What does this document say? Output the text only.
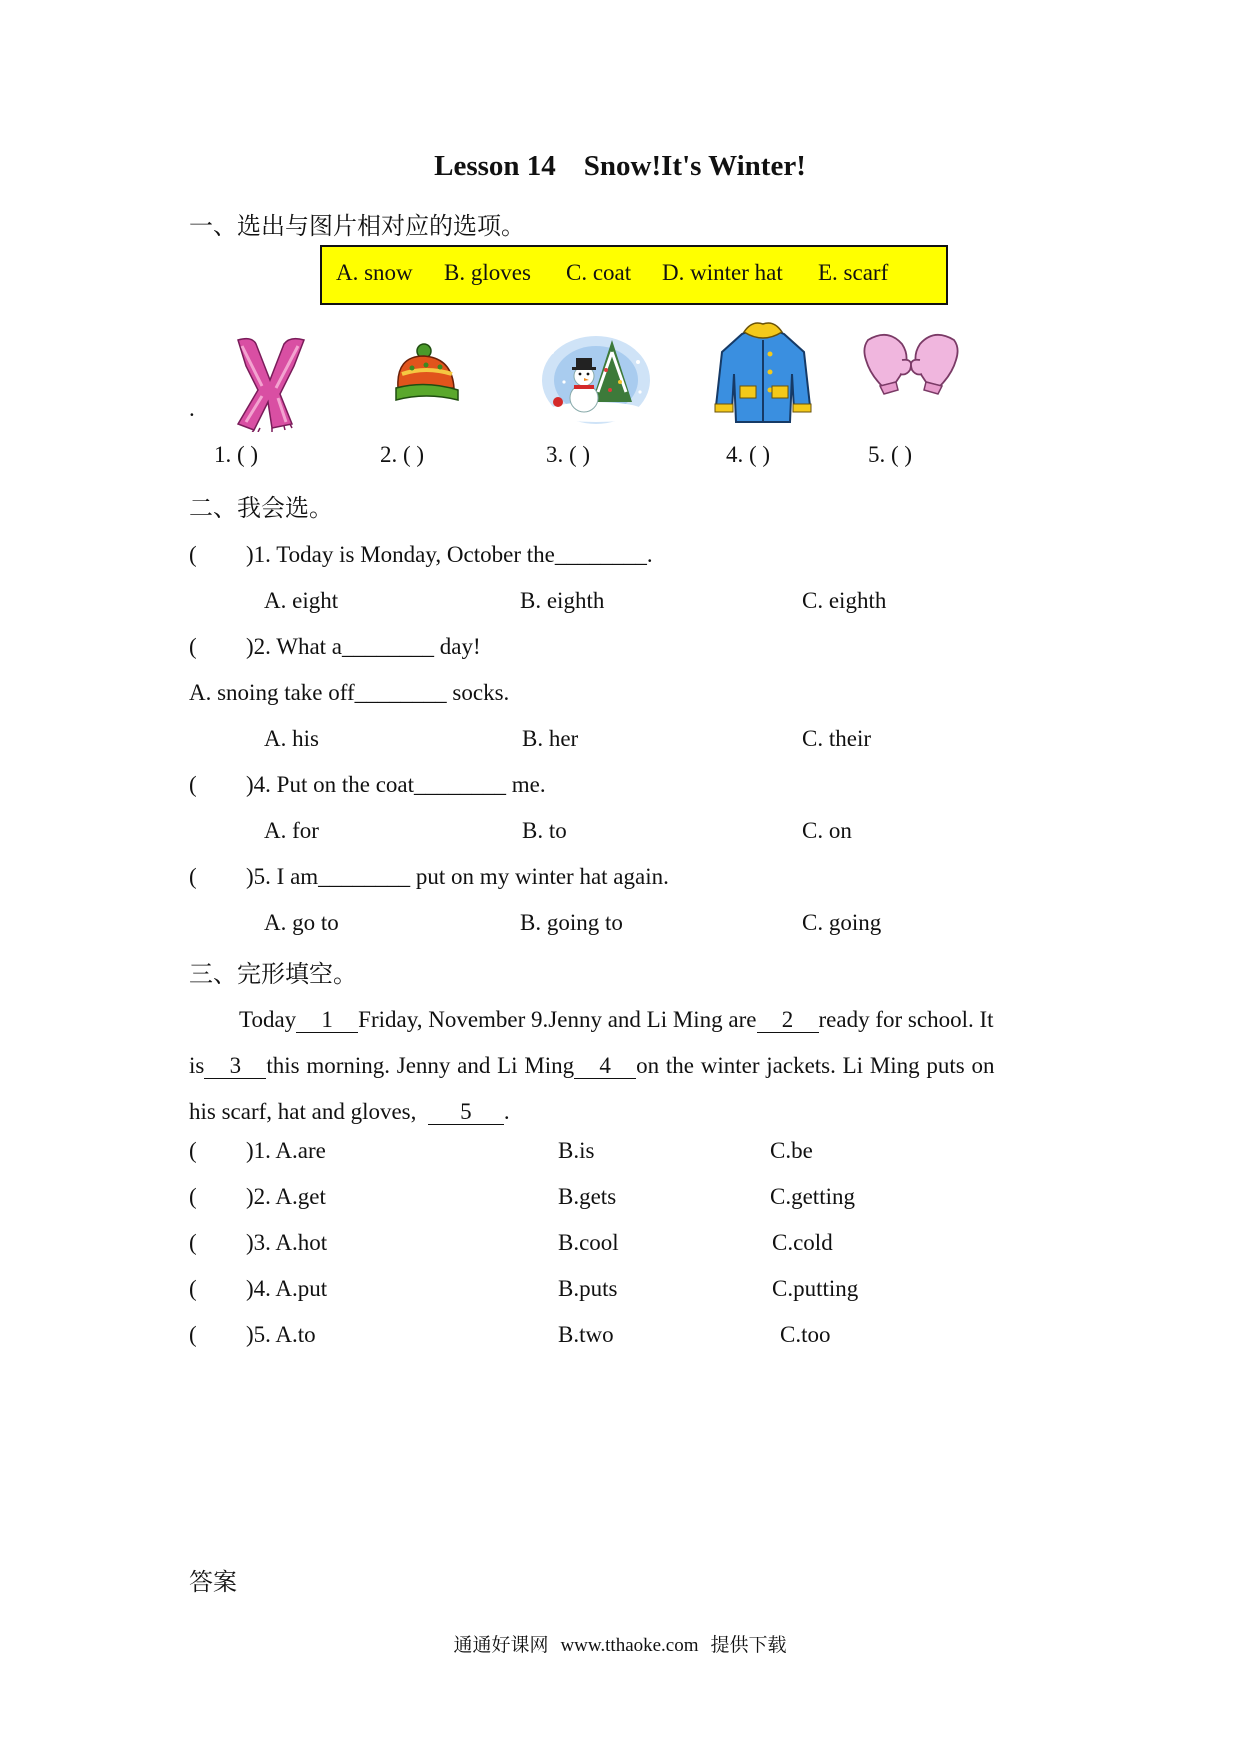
Lesson 14 Snow!It's Winter!
一、选出与图片相对应的选项。
A. snow B. gloves C. coat D. winter hat E. scarf
.
1. ( )	2. ( )	3. ( )	4. ( )	5. ( )
二、我会选。
( )1. Today is Monday, October the________.
A. eight	B. eighth	C. eighth
( )2. What a________ day!
A. snoing take off________ socks.
A. his	B. her	C. their
( )4. Put on the coat________ me.
A. for	B. to	C. on
( )5. I am________ put on my winter hat again.
A. go to	B. going to	C. going
三、完形填空。
Today 1 Friday, November 9.Jenny and Li Ming are 2 ready for school. It
is 3 this morning. Jenny and Li Ming 4 on the winter jackets. Li Ming puts on
his scarf, hat and gloves, 5 .
( )1. A.are	B.is	C.be
( )2. A.get	B.gets	C.getting
( )3. A.hot	B.cool	C.cold
( )4. A.put	B.puts	C.putting
( )5. A.to	B.two	C.too
答案
通通好课网 www.tthaoke.com 提供下载
